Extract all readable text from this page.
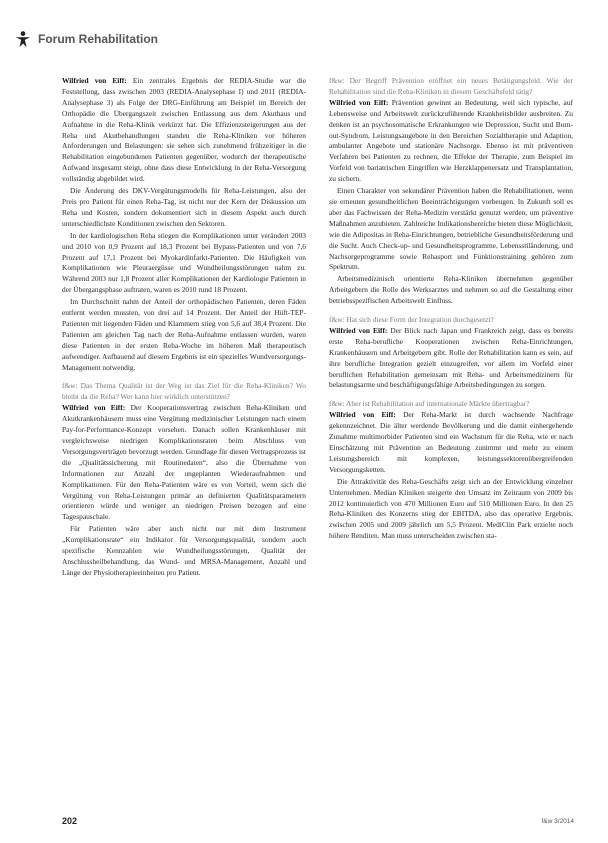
Forum Rehabilitation

Wilfried von Eiff: Ein zentrales Ergebnis der REDIA-Studie war die Feststellung, dass zwischen 2003 (REDIA-Analysephase I) und 2011 (REDIA-Analysephase 3) als Folge der DRG-Einführung am Beispiel im Bereich der Orthopädie die Übergangszeit zwischen Entlassung aus dem Akuthaus und Aufnahme in die Reha-Klinik verkürzt hat. Die Effizienzsteigerungen aus der Reha und Akutbehandlungen standen die Reha-Kliniken vor höheren Anforderungen und Belastungen: sie sehen sich zunehmend frühzeitiger in die Rehabilitation eingebundenen Patienten gegenüber, wodurch der therapeutische Aufwand insgesamt steigt, ohne dass diese Entwicklung in der Reha-Versorgung vollständig abgebildet wird.

Die Änderung des DKV-Vergütungsmodells für Reha-Leistungen, also der Preis pro Patient für einen Reha-Tag, ist nicht nur der Kern der Diskussion um Reha und Kosten, sondern dokumentiert sich in diesem Aspekt auch durch unterschiedlichste Konditionen zwischen den Sektoren.

In der kardiologischen Reha stiegen die Komplikationen unter verändert 2003 und 2010 von 0,9 Prozent auf 18,3 Prozent bei Bypass-Patienten und von 7,6 Prozent auf 17,1 Prozent bei Myokardinfarkt-Patienten. Die Häufigkeit von Komplikationen wie Pleuraergüsse und Wundheilungsstörungen nahm zu. Während 2003 nur 1,8 Prozent aller Komplikationen der Kardiologie Patienten in der Übergangsphase auftraten, waren es 2010 rund 18 Prozent.

Im Durchschnitt nahm der Anteil der orthopädischen Patienten, deren Fäden entfernt werden mussten, von drei auf 14 Prozent. Der Anteil der Hüft-TEP-Patienten mit liegenden Fäden und Klammern stieg von 5,6 auf 38,4 Prozent. Die Patienten am gleichen Tag nach der Reha-Aufnahme entlassen wurden, waren diese Patienten in der ersten Reha-Woche im höheren Maß therapeutisch aufwendiger. Aufbauend auf diesem Ergebnis ist ein spezielles Wundversorgungs-Management notwendig.

f&w: Das Thema Qualität ist der Weg ist das Ziel für die Reha-Kliniken? Wo bleibt da die Reha? Wer kann hier wirklich unterstützen?

Wilfried von Eiff: Der Kooperationsvertrag zwischen Reha-Kliniken und Akutkrankenhäusern muss eine Vergütung medizinischer Leistungen nach einem Pay-for-Performance-Konzept vorsehen. Danach sollen Krankenhäuser mit vergleichsweise niedrigen Komplikationsraten beim Abschluss von Versorgungsverträgen bevorzugt werden. Grundlage für diesen Vertragsprozess ist die „Qualitätssicherung mit Routinedaten“, also die Übernahme von Informationen zur Anzahl der ungeplanten Wiederaufnahmen und Komplikationen. Für den Reha-Patienten wäre es von Vorteil, wenn sich die Vergütung von Reha-Leistungen primär an definierten Qualitätsparametern orientieren würde und weniger an niedrigen Preisen bezogen auf eine Tagespauschale.

Für Patienten wäre aber auch nicht nur mit dem Instrument „Komplikationsrate“ ein Indikator für Versorgungsqualität, sondern auch spezifische Kennzahlen wie Wundheilungsstörungen, Qualität der Anschlussheilbehandlung, das Wund- und MRSA-Management, Anzahl und Länge der Physiotherapieeinheiten pro Patient.

f&w: Der Begriff Prävention eröffnet ein neues Betätigungsfeld. Wie der Rehabilitation sind die Reha-Kliniken in diesem Geschäftsfeld tätig?

Wilfried von Eiff: Prävention gewinnt an Bedeutung, weil sich typische, auf Lebensweise und Arbeitswelt zurückzuführende Krankheitsbilder ausbreiten. Zu denken ist an psychosomatische Erkrankungen wie Depression, Sucht und Burn-out-Syndrom, Leistungsangebote in den Bereichen Sozialtherapie und Adaption, ambulanter Angebote und stationäre Nachsorge. Ebenso ist mit präventiven Verfahren bei Patienten zu rechnen, die Effekte der Therapie, zum Beispiel im Vorfeld von bariatrischen Eingriffen wie Herzklappenersatz und Transplantation, zu sichern.

Einen Charakter von sekundärer Prävention haben die Rehabilitationen, wenn sie erneuten gesundheitlichen Beeinträchtigungen vorbeugen. In Zukunft soll es aber das Fachwissen der Reha-Medizin verstärkt genutzt werden, um präventive Maßnahmen anzubieten. Zahlreiche Indikationsbereiche bieten diese Möglichkeit, wie die Adipositas in Reha-Einrichtungen, betriebliche Gesundheitsförderung und die Sucht. Auch Check-up- und Gesundheitsprogramme, Lebensstiländerung, und Nachsorgeprogramme sowie Rehasport und Funktionstraining gehören zum Spektrum.

Arbeitsmedizinisch orientierte Reha-Kliniken übernehmen gegenüber Arbeitgebern die Rolle des Werksarztes und nehmen so auf die Gestaltung einer betriebsspezifischen Arbeitswelt Einfluss.

f&w: Hat sich diese Form der Integration durchgesetzt?

Wilfried von Eiff: Der Blick nach Japan und Frankreich zeigt, dass es bereits erste Reha-berufliche Kooperationen zwischen Reha-Einrichtungen, Krankenhäusern und Arbeitgebern gibt. Rolle der Rehabilitation kann es sein, auf ihre berufliche Integration gezielt einzugreifen, vor allem im Vorfeld einer beruflichen Rehabilitation gemeinsam mit Reha- und Arbeitsmedizinern für belastungsarme und beschäftigungsfähige Arbeitsbedingungen zu sorgen.

f&w: Aber ist Rehabilitation auf internationale Märkte übertragbar?

Wilfried von Eiff: Der Reha-Markt ist durch wachsende Nachfrage gekennzeichnet. Die älter werdende Bevölkerung und die damit einhergehende Zunahme multimorbider Patienten sind ein Wachstum für die Reha, wie er nach Einschätzung mit Prävention an Bedeutung zunimmt und mehr zu einem Leistungsbereich mit komplexen, leistungssektorenübergreifenden Versorgungsketten.

Die Attraktivität des Reha-Geschäfts zeigt sich an der Entwicklung einzelner Unternehmen. Median Kliniken steigerte den Umsatz im Zeitraum von 2009 bis 2012 kontinuierlich von 470 Millionen Euro auf 510 Millionen Euro. In den 25 Reha-Kliniken des Konzerns stieg der EBITDA, also das operative Ergebnis, zwischen 2005 und 2009 jährlich um 5,5 Prozent. MediClin Park erzielte noch höhere Renditen. Man muss unterscheiden zwischen sta-

202	f&w 3/2014
